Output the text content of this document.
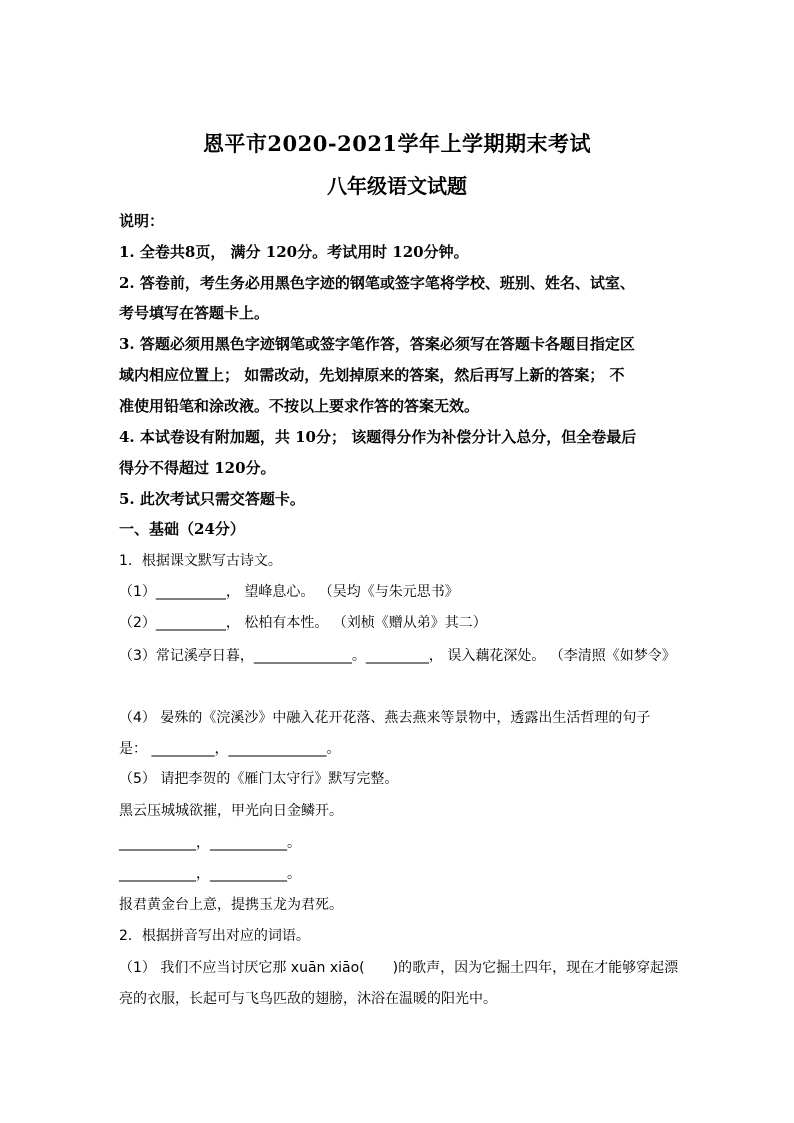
恩平市2020-2021学年上学期期末考试
八年级语文试题
说明：
1. 全卷共8页， 满分 120分。考试用时 120分钟。
2. 答卷前，考生务必用黑色字迹的钢笔或签字笔将学校、班别、姓名、试室、
考号填写在答题卡上。
3. 答题必须用黑色字迹钢笔或签字笔作答，答案必须写在答题卡各题目指定区
域内相应位置上； 如需改动，先划掉原来的答案，然后再写上新的答案； 不
准使用铅笔和涂改液。不按以上要求作答的答案无效。
4. 本试卷设有附加题，共 10分； 该题得分作为补偿分计入总分，但全卷最后
得分不得超过 120分。
5. 此次考试只需交答题卡。
一、基础（24分）
1．根据课文默写古诗文。
（1）__________， 望峰息心。 （吴均《与朱元思书》
（2）__________， 松柏有本性。 （刘桢《赠从弟》其二）
（3）常记溪亭日暮，______________。_________， 误入藕花深处。 （李清照《如梦令》
（4） 晏殊的《浣溪沙》中融入花开花落、燕去燕来等景物中，透露出生活哲理的句子
是： _________，______________。
（5） 请把李贺的《雁门太守行》默写完整。
黑云压城城欲摧，甲光向日金鳞开。
___________，___________。
___________，___________。
报君黄金台上意，提携玉龙为君死。
2．根据拼音写出对应的词语。
（1） 我们不应当讨厌它那 xuān xiāo(　　)的歌声，因为它掘土四年，现在才能够穿起漂
亮的衣服，长起可与飞鸟匹敌的翅膀，沐浴在温暖的阳光中。
